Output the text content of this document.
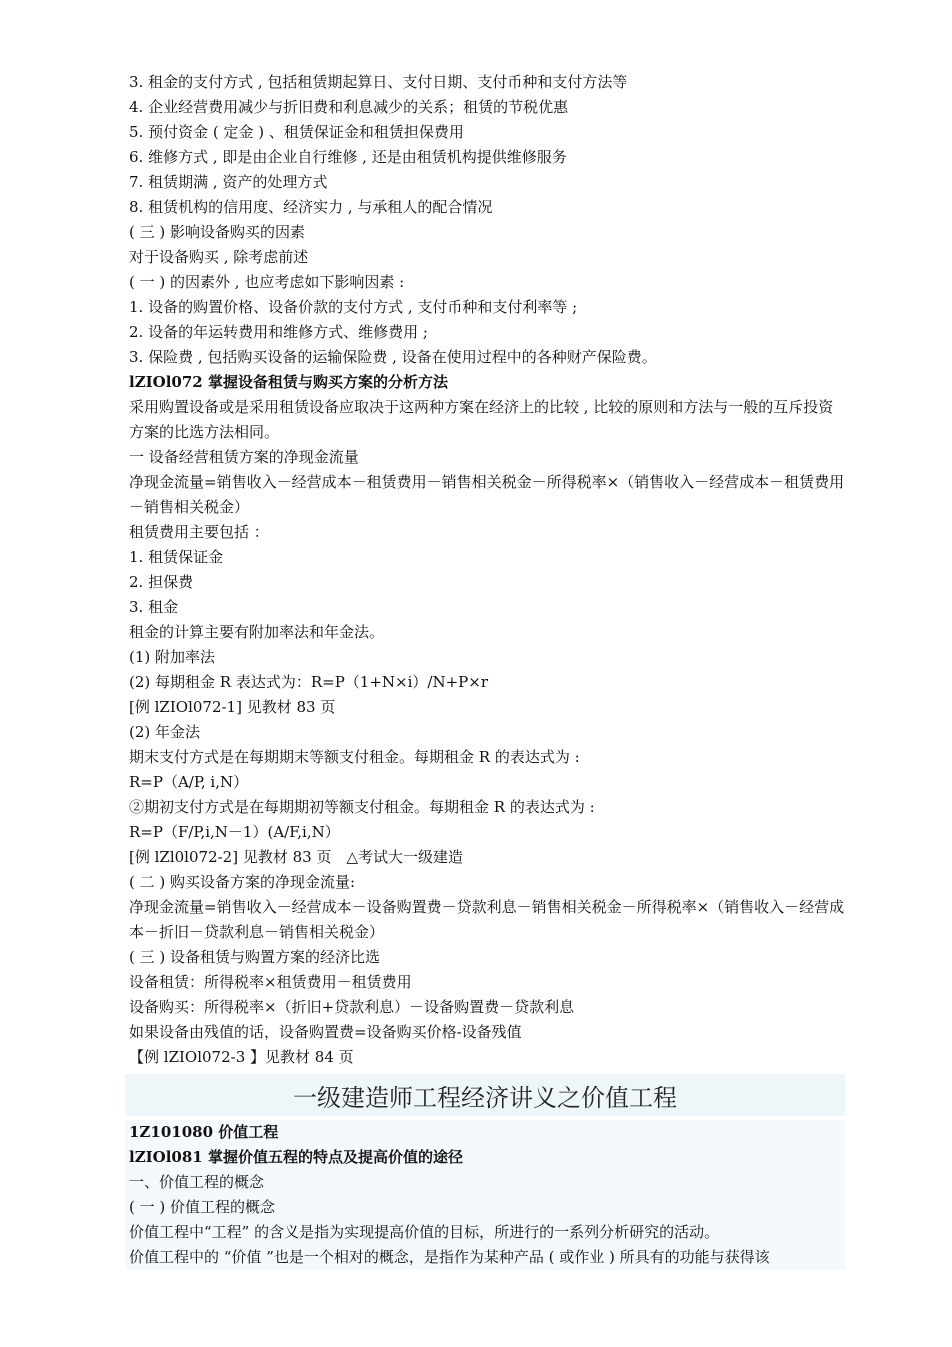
3. 租金的支付方式 , 包括租赁期起算日、支付日期、支付币种和支付方法等
4. 企业经营费用减少与折旧费和利息减少的关系；租赁的节税优惠
5. 预付资金 ( 定金 ) 、租赁保证金和租赁担保费用
6. 维修方式 , 即是由企业自行维修 , 还是由租赁机构提供维修服务
7. 租赁期满 , 资产的处理方式
8. 租赁机构的信用度、经济实力 , 与承租人的配合情况
( 三 ) 影响设备购买的因素
对于设备购买 , 除考虑前述
( 一 ) 的因素外 , 也应考虑如下影响因素 :
1. 设备的购置价格、设备价款的支付方式 , 支付币种和支付利率等 ;
2. 设备的年运转费用和维修方式、维修费用 ;
3. 保险费 , 包括购买设备的运输保险费 , 设备在使用过程中的各种财产保险费。
lZIOl072 掌握设备租赁与购买方案的分析方法
采用购置设备或是采用租赁设备应取决于这两种方案在经济上的比较 , 比较的原则和方法与一般的互斥投资方案的比选方法相同。
一 设备经营租赁方案的净现金流量
净现金流量=销售收入－经营成本－租赁费用－销售相关税金－所得税率×（销售收入－经营成本－租赁费用－销售相关税金）
租赁费用主要包括 ：
1. 租赁保证金
2. 担保费
3. 租金
租金的计算主要有附加率法和年金法。
(1) 附加率法
(2) 每期租金 R 表达式为：R=P（1+N×i）/N+P×r
[例 lZIOl072-1] 见教材 83 页
(2) 年金法
期末支付方式是在每期期末等额支付租金。每期租金 R 的表达式为 :
R=P（A/P, i,N）
②期初支付方式是在每期期初等额支付租金。每期租金 R 的表达式为 :
R=P（F/P,i,N－1）(A/F,i,N）
[例 lZl0l072-2] 见教材 83 页　△考试大一级建造
( 二 ) 购买设备方案的净现金流量:
净现金流量=销售收入－经营成本－设备购置费－贷款利息－销售相关税金－所得税率×（销售收入－经营成本－折旧－贷款利息－销售相关税金）
( 三 ) 设备租赁与购置方案的经济比选
设备租赁：所得税率×租赁费用－租赁费用
设备购买：所得税率×（折旧+贷款利息）－设备购置费－贷款利息
如果设备由残值的话，设备购置费=设备购买价格-设备残值
【例 lZIOl072-3 】见教材 84 页
一级建造师工程经济讲义之价值工程
1Z101080 价值工程
lZIOl081 掌握价值五程的特点及提高价值的途径
一、价值工程的概念
( 一 ) 价值工程的概念
价值工程中“工程” 的含义是指为实现提高价值的目标，所进行的一系列分析研究的活动。
价值工程中的 “价值 ”也是一个相对的概念，是指作为某种产品 ( 或作业 ) 所具有的功能与获得该
